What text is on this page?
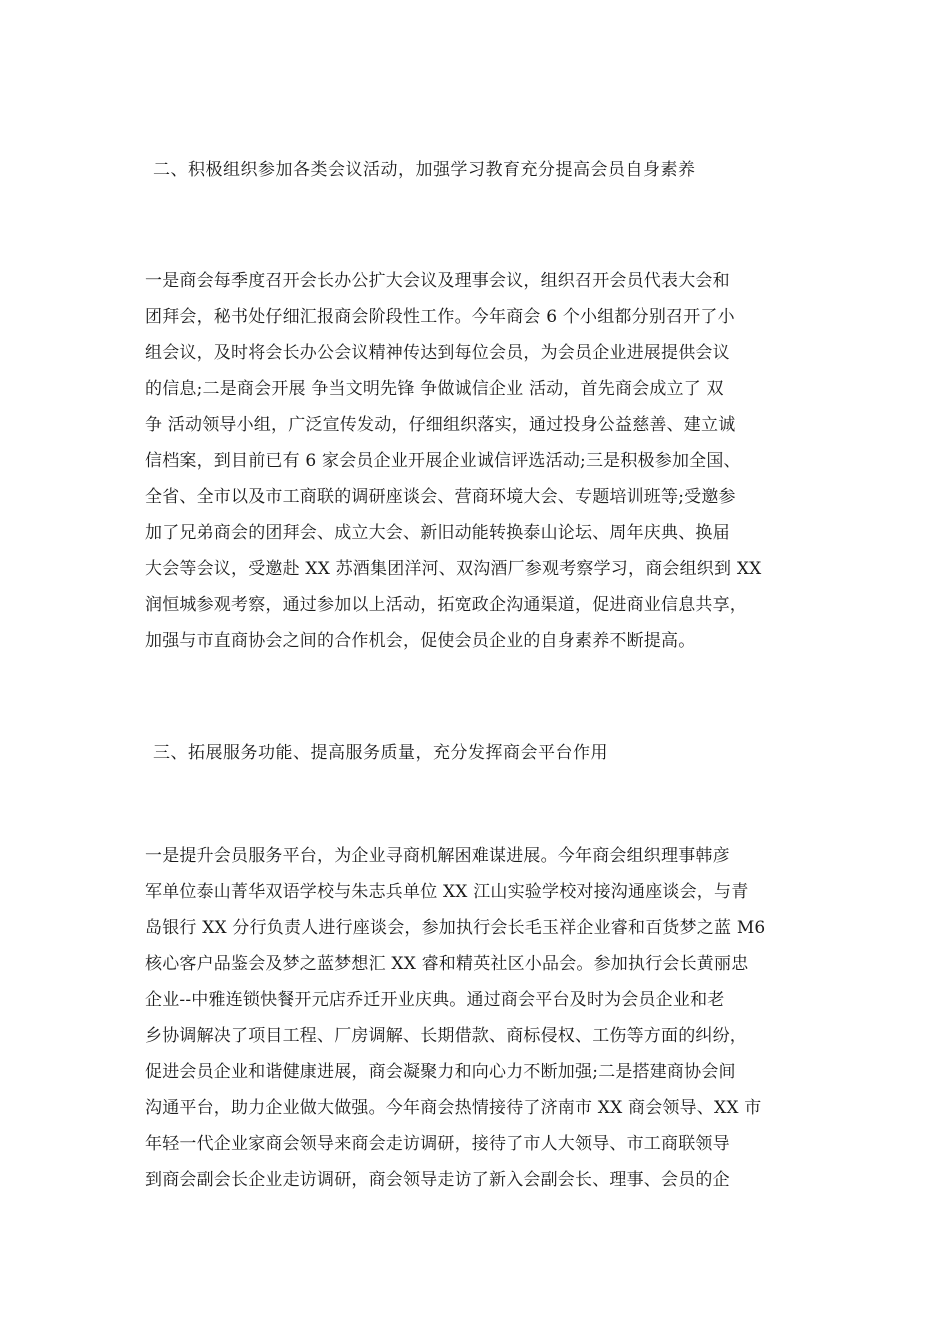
二、积极组织参加各类会议活动，加强学习教育充分提高会员自身素养
一是商会每季度召开会长办公扩大会议及理事会议，组织召开会员代表大会和
团拜会，秘书处仔细汇报商会阶段性工作。今年商会 6 个小组都分别召开了小
组会议，及时将会长办公会议精神传达到每位会员，为会员企业进展提供会议
的信息;二是商会开展 争当文明先锋 争做诚信企业 活动，首先商会成立了 双
争 活动领导小组，广泛宣传发动，仔细组织落实，通过投身公益慈善、建立诚
信档案，到目前已有 6 家会员企业开展企业诚信评选活动;三是积极参加全国、
全省、全市以及市工商联的调研座谈会、营商环境大会、专题培训班等;受邀参
加了兄弟商会的团拜会、成立大会、新旧动能转换泰山论坛、周年庆典、换届
大会等会议，受邀赴 XX 苏酒集团洋河、双沟酒厂参观考察学习，商会组织到 XX
润恒城参观考察，通过参加以上活动，拓宽政企沟通渠道，促进商业信息共享，
加强与市直商协会之间的合作机会，促使会员企业的自身素养不断提高。
三、拓展服务功能、提高服务质量，充分发挥商会平台作用
一是提升会员服务平台，为企业寻商机解困难谋进展。今年商会组织理事韩彦
军单位泰山菁华双语学校与朱志兵单位 XX 江山实验学校对接沟通座谈会，与青
岛银行 XX 分行负责人进行座谈会，参加执行会长毛玉祥企业睿和百货梦之蓝 M6
核心客户品鉴会及梦之蓝梦想汇 XX 睿和精英社区小品会。参加执行会长黄丽忠
企业--中雅连锁快餐开元店乔迁开业庆典。通过商会平台及时为会员企业和老
乡协调解决了项目工程、厂房调解、长期借款、商标侵权、工伤等方面的纠纷，
促进会员企业和谐健康进展，商会凝聚力和向心力不断加强;二是搭建商协会间
沟通平台，助力企业做大做强。今年商会热情接待了济南市 XX 商会领导、XX 市
年轻一代企业家商会领导来商会走访调研，接待了市人大领导、市工商联领导
到商会副会长企业走访调研，商会领导走访了新入会副会长、理事、会员的企
